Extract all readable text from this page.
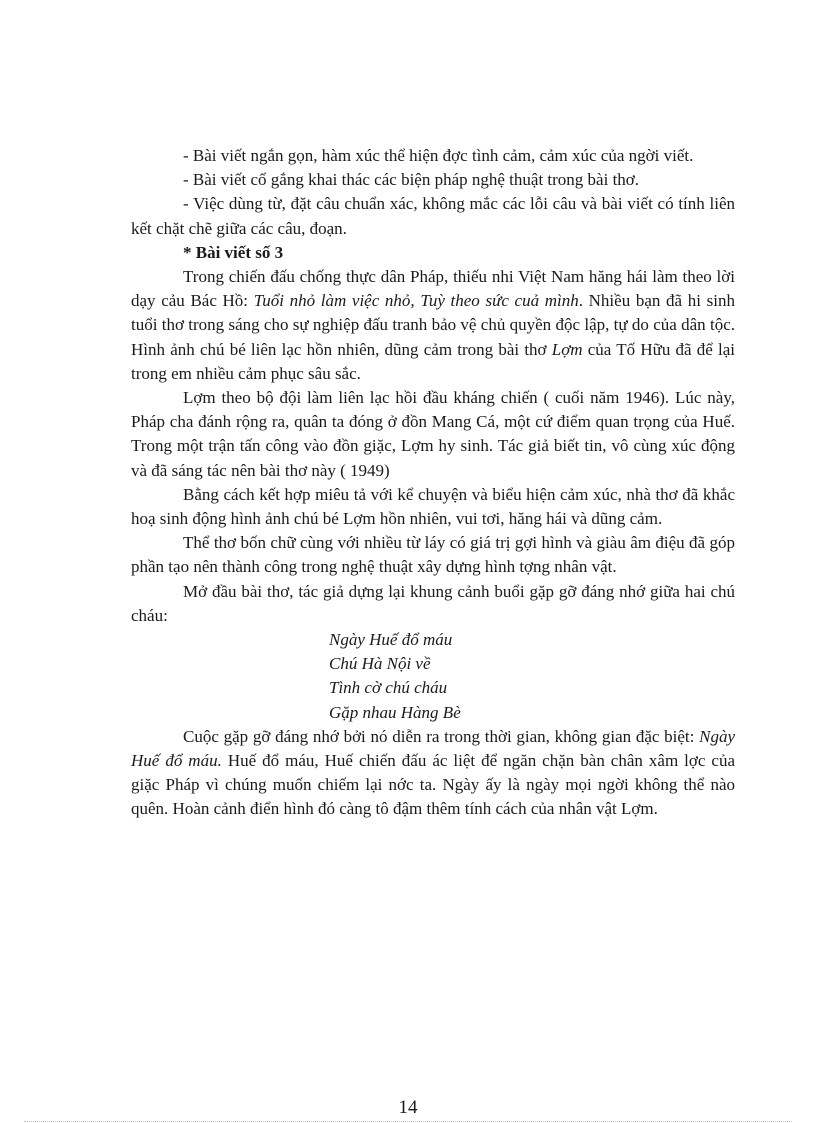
- Bài viết ngắn gọn, hàm xúc thể hiện đợc tình cảm, cảm xúc của ngời viết.

- Bài viết cố gắng khai thác các biện pháp nghệ thuật trong bài thơ.

- Việc dùng từ, đặt câu chuẩn xác, không mắc các lỗi câu và bài viết có tính liên kết chặt chẽ giữa các câu, đoạn.

* Bài viết số 3

Trong chiến đấu chống thực dân Pháp, thiếu nhi Việt Nam hăng hái làm theo lời dạy cảu Bác Hồ: Tuổi nhỏ làm việc nhỏ, Tuỳ theo sức cuả mình. Nhiều bạn đã hi sinh tuổi thơ trong sáng cho sự nghiệp đấu tranh bảo vệ chủ quyền độc lập, tự do của dân tộc. Hình ảnh chú bé liên lạc hồn nhiên, dũng cảm trong bài thơ Lợm của Tố Hữu đã để lại trong em nhiều cảm phục sâu sắc.

Lợm theo bộ đội làm liên lạc hồi đầu kháng chiến ( cuối năm 1946). Lúc này, Pháp cha đánh rộng ra, quân ta đóng ở đồn Mang Cá, một cứ điểm quan trọng của Huế. Trong một trận tấn công vào đồn giặc, Lợm hy sinh. Tác giả biết tin, vô cùng xúc động và đã sáng tác nên bài thơ này ( 1949)

Bằng cách kết hợp miêu tả với kể chuyện và biểu hiện cảm xúc, nhà thơ đã khắc hoạ sinh động hình ảnh chú bé Lợm hồn nhiên, vui tơi, hăng hái và dũng cảm.

Thể thơ bốn chữ cùng với nhiều từ láy có giá trị gợi hình và giàu âm điệu đã góp phần tạo nên thành công trong nghệ thuật xây dựng hình tợng nhân vật.

Mở đầu bài thơ, tác giả dựng lại khung cảnh buổi gặp gỡ đáng nhớ giữa hai chú cháu:

Ngày Huế đổ máu
Chú Hà Nội về
Tình cờ chú cháu
Gặp nhau Hàng Bè

Cuộc gặp gỡ đáng nhớ bởi nó diễn ra trong thời gian, không gian đặc biệt: Ngày Huế đổ máu. Huế đổ máu, Huế chiến đấu ác liệt để ngăn chặn bàn chân xâm lợc của giặc Pháp vì chúng muốn chiếm lại nớc ta. Ngày ấy là ngày mọi ngời không thể nào quên. Hoàn cảnh điển hình đó càng tô đậm thêm tính cách của nhân vật Lợm.

14
